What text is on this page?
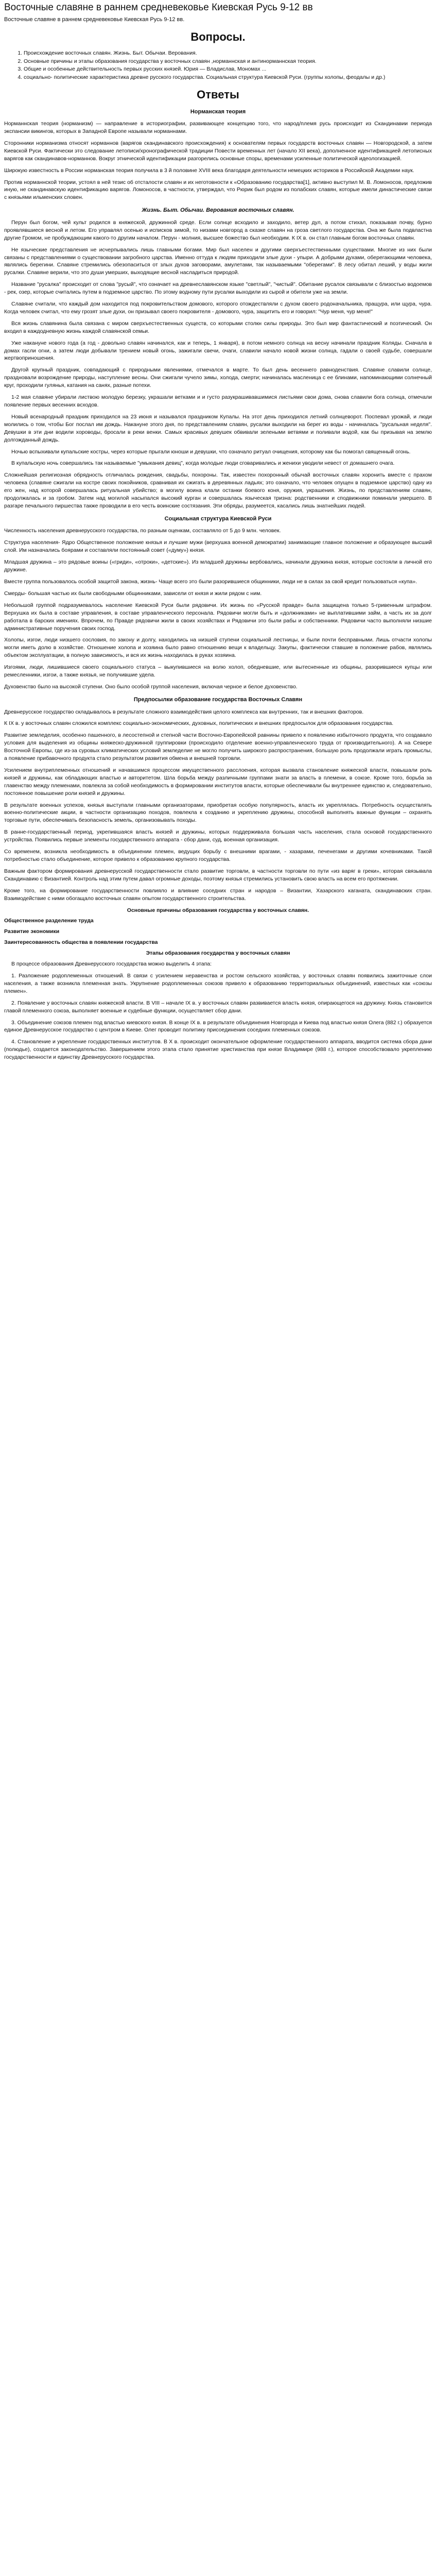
Восточные славяне в раннем средневековье Киевская Русь 9-12 вв
Восточные славяне в раннем средневековье Киевская Русь 9-12 вв.
Вопросы.
1. Происхождение восточных славян. Жизнь. Быт. Обычаи. Верования.
2. Основные причины и этапы образования государства у восточных славян ,норманнская и антинорманнская теория.
3. Общие и особенные действительность первых русских князей. Юрия — Владислав, Мономах ...
4. социально- политические характеристика древне русского государства. Социальная структура Киевской Руси. (группы холопы, феодалы и др.)
Ответы
Норманская теория

Норманнская теория (норманизм) — направление в историографии, развивающее концепцию того, что народ/племя русь происходит из Скандинавии периода экспансии викингов, которых в Западной Европе называли норманнами.

Сторонники норманизма относят норманнов (варягов скандинавского происхождения) к основателям первых государств восточных славян — Новгородской, а затем Киевской Руси. Фактически это следование летописи/хронографической традиции Повести временных лет (начало XII века), дополненное идентификацией летописных варягов как скандинавов-норманнов. Вокруг этнической идентификации разгорелись основные споры, временами усиленные политической идеологизацией.

Широкую известность в России норманская теория получила в 3 й половине XVIII века благодаря деятельности немецких историков в Российской Академии наук.

Против норманнской теории, устоял в ней тезис об отсталости славян и их неготовности к «Образованию государства[1], активно выступил М. В. Ломоносов, предложив иную, не скандинавскую идентификацию варягов. Ломоносов, в частности, утверждал, что Рюрик был родом из полабских славян, которые имели династические связи с князьями ильменских словен.

Жизнь. Быт. Обычаи. Верования восточных славян.

Перун был богом, чей культ родился в княжеской, дружинной среде. Если солнце всходило и заходило, ветер дул, а потом стихал, показывая почву, бурно проявлявшиеся весной и летом. Его управлял осенью и исписков зимой, то низами новгород а сказке славян на гроза светлого государства. Она же была подвластна другие Громом, не пробуждающим какого-то другим началом. Перун - молния, высшее божество был необходим. К IX в. он стал главным богом восточных славян.

Не языческие представления не исчерпывались лишь главными богами. Мир был населен и другими сверхъестественными существами. Многие из них были связаны с представлениями о существовании загробного царства. Именно оттуда к людям приходили злые духи - упыри. А добрыми духами, оберегающими человека, являлись берегини. Славяне стремились обезопаситься от злых духов заговорами, амулетами, так называемыми "оберегами". В лесу обитал леший, у воды жили русалки. Славяне верили, что это души умерших, выходящие весной насладиться природой.

Название "русалка" происходит от слова "русый", что означает на древнеславянском языке "светлый", "чистый". Обитание русалок связывали с близостью водоемов - рек, озер, которые считались путем в подземное царство. По этому водному пути русалки выходили из сырой и обители уже на земли.

Славяне считали, что каждый дом находится под покровительством домового, которого отождествляли с духом своего родоначальника, пращура, или щура, чура. Когда человек считал, что ему грозят злые духи, он призывал своего покровителя - домового, чура, защитить его и говорил: "Чур меня, чур меня!"

Вся жизнь славянина была связана с миром сверхъестественных существ, со которыми столкн силы природы. Это был мир фантастический и поэтический. Он входил в каждодневную жизнь каждой славянской семьи.

Уже накануне нового года (а год - довольно славян начинался, как и теперь, 1 января), в потом немного солнца на весну начинали праздник Коляды. Сначала в домах гасли огни, а затем люди добывали трением новый огонь, зажигали свечи, очаги, славили начало новой жизни солнца, гадали о своей судьбе, совершали жертвоприношения.

Другой крупный праздник, совпадающий с природными явлениями, отмечался в марте. То был день весеннего равноденствия. Славяне славили солнце, праздновали возрождение природы, наступление весны. Они сжигали чучело зимы, холода, смерти; начиналась масленица с ее блинами, напоминающими солнечный круг, проходили гулянья, катания на санях, разные потехи.

1-2 мая славяне убирали листвою молодую березку, украшали ветками и и густо разукрашивавшимися листьями свои дома, снова славили бога солнца, отмечали появление первых весенних всходов.

Новый всенародный праздник приходился на 23 июня и назывался праздником Купалы. На этот день приходился летний солнцеворот. Поспевал урожай, и люди молились о том, чтобы Бог послал им дождь. Накануне этого дня, по представлениям славян, русалки выходили на берег из воды - начиналась "русальная неделя". Девушки в эти дни водили хороводы, бросали в реки венки. Самых красивых девушек обвивали зелеными ветвями и поливали водой, как бы призывая на землю долгожданный дождь.

Ночью вспыхивали купальские костры, через которые прыгали юноши и девушки, что означало ритуал очищения, которому как бы помогал священный огонь.

В купальскую ночь совершались так называемые "умыкания девиц", когда молодые люди сговаривались и женихи уводили невест от домашнего очага.

Сложнейшая религиозная обрядность отличалась рождения, свадьбы, похороны. Так, известен похоронный обычай восточных славян хоронить вместе с прахом человека (славяне сжигали на костре своих покойников, сравнивая их сжигать в деревянных ладьях; это означало, что человек опущен в подземное царство) одну из его жен, над которой совершалась ритуальная убийство; в могилу воина клали останки боевого коня, оружия, украшения. Жизнь, по представлениям славян, продолжалась и за гробом. Затем над могилой насыпался высокий курган и совершалась языческая тризна: родственники и сподвижники поминали умершего. В разгаре печального пиршества также проводили в его честь воинские состязания. Эти обряды, разумеется, касались лишь знатнейших людей.

Социальная структура Киевской Руси

Численность населения древнерусского государства, по разным оценкам, составляло от 5 до 9 млн. человек.

Структура населения- Ядро Общественное положение князья и лучшие мужи (верхушка военной демократии) занимающие главное положение и образующее высший слой. Им назначались боярами и составляли постоянный совет («думу») князя.

Младшая дружина – это рядовые воины («гриди», «отроки», «детские»). Из младшей дружины вербовались, начинали дружина князя, которые состояли в личной его дружине.

Вместе группа пользовалось особой защитой закона, жизнь- Чаще всего это были разорившиеся общинники, люди не в силах за свой кредит пользоваться «купа».

Смерды- большая частью их были свободными общинниками, зависели от князя и жили рядом с ним.

Небольшой группой подразумевалось население Киевской Руси были рядовичи. Их жизнь по «Русской правде» была защищена только 5-гривенным штрафом. Верхушка их была в составе управления, в составе управленческого персонала. Рядовичи могли быть и «должниками» не выплатившими займ, а часть их за долг работала в барских имениях. Впрочем, по Правде рядовичи жили в своих хозяйствах и Рядовичи это были рабы и собственники. Рядовичи часто выполняли низшие административные поручения своих господ.

Холопы, изгои, люди низшего сословия, по закону и долгу, находились на низшей ступени социальной лестницы, и были почти бесправными. Лишь отчасти холопы могли иметь долю в хозяйстве. Отношение холопа и хозяина было равно отношению вещи к владельцу. Закупы, фактически ставшие в положение рабов, являлись объектом эксплуатации, в полную зависимость, и вся их жизнь находилась в руках хозяина.

Изгоями, люди, лишившиеся своего социального статуса – выкупившиеся на волю холоп, обедневшие, или вытесненные из общины, разорившиеся купцы или ремесленники, изгои, а также князья, не получившие удела.

Духовенство было на высокой ступени. Оно было особой группой населения, включая черное и белое духовенство.

Предпосылки образование государства Восточных Славян

Древнерусское государство складывалось в результате сложного взаимодействия целого комплекса как внутренних, так и внешних факторов.

К IX в. у восточных славян сложился комплекс социально-экономических, духовных, политических и внешних предпосылок для образования государства.

Развитие земледелия, особенно пашенного, в лесостепной и степной части Восточно-Европейской равнины привело к появлению избыточного продукта, что создавало условия для выделения из общины княжеско-дружинной группировки (происходило отделение военно-управленческого труда от производительного). А на Севере Восточной Европы, где из-за суровых климатических условий земледелие не могло получить широкого распространения, большую роль продолжали играть промыслы, а появление прибавочного продукта стало результатом развития обмена и внешней торговли.

Усилением внутриплеменных отношений и начавшимся процессом имущественного расслоения, которая вызвала становление княжеской власти, повышали роль князей и дружины, как обладающих властью и авторитетом. Шла борьба между различными группами знати за власть в племени, в союзе. Кроме того, борьба за главенство между племенами, повлекла за собой необходимость в формировании институтов власти, которые обеспечивали бы внутреннее единство и, следовательно, постоянное повышение роли князей и дружины.

В результате военных успехов, князья выступали главными организаторами, приобретая особую популярность, власть их укреплялась. Потребность осуществлять военно-политические акции, в частности организацию походов, повлекла к созданию и укреплению дружины, способной выполнять важные функции – охранять торговые пути, обеспечивать безопасность земель, организовывать походы.

В ранне-государственный период, укрепившаяся власть князей и дружины, которых поддерживала большая часть населения, стала основой государственного устройства. Появились первые элементы государственного аппарата - сбор дани, суд, военная организация.

Со временем, возникла необходимость в объединении племен, ведущих борьбу с внешними врагами, - хазарами, печенегами и другими кочевниками. Такой потребностью стало объединение, которое привело к образованию крупного государства.

Важным фактором формирования древнерусской государственности стало развитие торговли, в частности торговли по пути «из варяг в греки», которая связывала Скандинавию с Византией. Контроль над этим путем давал огромные доходы, поэтому князья стремились установить свою власть на всем его протяжении.

Кроме того, на формирование государственности повлияло и влияние соседних стран и народов – Византии, Хазарского каганата, скандинавских стран. Взаимодействие с ними обогащало восточных славян опытом государственного строительства.

Основные причины образования государства у восточных славян.
Общественное разделение труда
Развитие экономики
Заинтересованность общества в появлении государства
Этапы образования государства у восточных славян

В процессе образования Древнерусского государства можно выделить 4 этапа:

1. Разложение родоплеменных отношений. В связи с усилением неравенства и ростом сельского хозяйства, у восточных славян появились зажиточные слои населения, а также возникла племенная знать. Укрупнение родоплеменных союзов привело к образованию территориальных объединений, известных как «союзы племен».

2. Появление у восточных славян княжеской власти. В VIII – начале IX в. у восточных славян развивается власть князя, опирающегося на дружину. Князь становится главой племенного союза, выполняет военные и судебные функции, осуществляет сбор дани.

3. Объединение союзов племен под властью киевского князя. В конце IX в. в результате объединения Новгорода и Киева под властью князя Олега (882 г.) образуется единое Древнерусское государство с центром в Киеве. Олег проводит политику присоединения соседних племенных союзов.

4. Становление и укрепление государственных институтов. В X в. происходит окончательное оформление государственного аппарата, вводится система сбора дани (полюдье), создается законодательство. Завершением этого этапа стало принятие христианства при князе Владимире (988 г.), которое способствовало укреплению государственности и единству Древнерусского государства.
